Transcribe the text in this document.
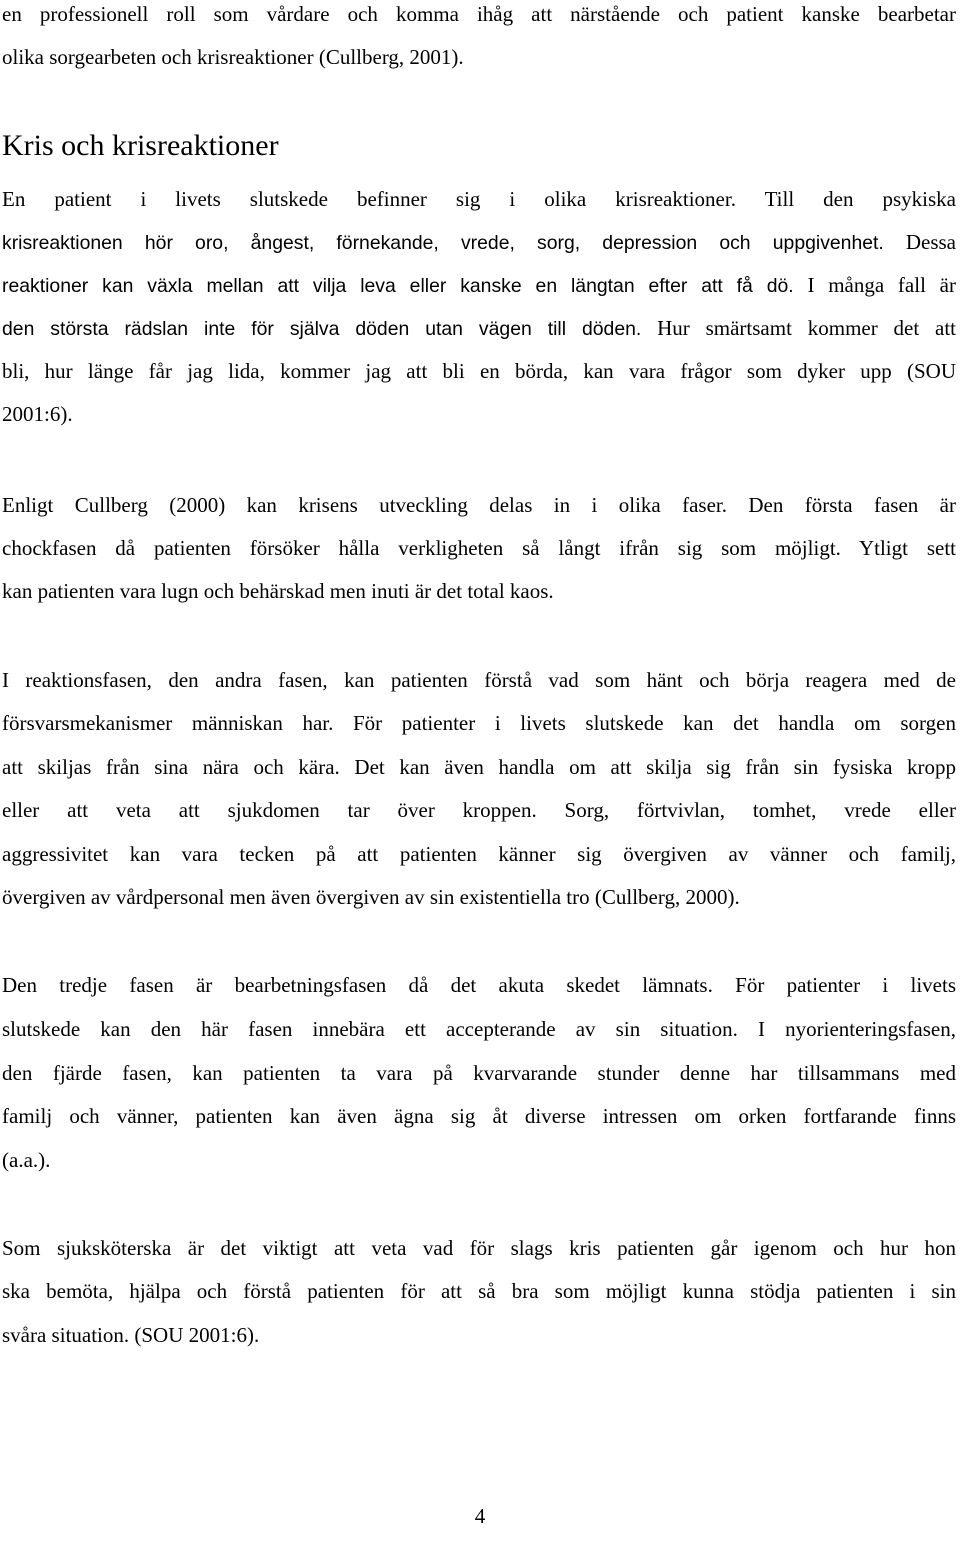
en professionell roll som vårdare och komma ihåg att närstående och patient kanske bearbetar
olika sorgearbeten och krisreaktioner (Cullberg, 2001).
Kris och krisreaktioner
En patient i livets slutskede befinner sig i olika krisreaktioner. Till den psykiska
krisreaktionen hör oro, ångest, förnekande, vrede, sorg, depression och uppgivenhet. Dessa
reaktioner kan växla mellan att vilja leva eller kanske en längtan efter att få dö. I många fall är
den största rädslan inte för själva döden utan vägen till döden. Hur smärtsamt kommer det att
bli, hur länge får jag lida, kommer jag att bli en börda, kan vara frågor som dyker upp (SOU
2001:6).
Enligt Cullberg (2000) kan krisens utveckling delas in i olika faser. Den första fasen är
chockfasen då patienten försöker hålla verkligheten så långt ifrån sig som möjligt. Ytligt sett
kan patienten vara lugn och behärskad men inuti är det total kaos.
I reaktionsfasen, den andra fasen, kan patienten förstå vad som hänt och börja reagera med de
försvarsmekanismer människan har. För patienter i livets slutskede kan det handla om sorgen
att skiljas från sina nära och kära. Det kan även handla om att skilja sig från sin fysiska kropp
eller att veta att sjukdomen tar över kroppen. Sorg, förtvivlan, tomhet, vrede eller
aggressivitet kan vara tecken på att patienten känner sig övergiven av vänner och familj,
övergiven av vårdpersonal men även övergiven av sin existentiella tro (Cullberg, 2000).
Den tredje fasen är bearbetningsfasen då det akuta skedet lämnats. För patienter i livets
slutskede kan den här fasen innebära ett accepterande av sin situation. I nyorienteringsfasen,
den fjärde fasen, kan patienten ta vara på kvarvarande stunder denne har tillsammans med
familj och vänner, patienten kan även ägna sig åt diverse intressen om orken fortfarande finns
(a.a.).
Som sjuksköterska är det viktigt att veta vad för slags kris patienten går igenom och hur hon
ska bemöta, hjälpa och förstå patienten för att så bra som möjligt kunna stödja patienten i sin
svåra situation. (SOU 2001:6).
4
